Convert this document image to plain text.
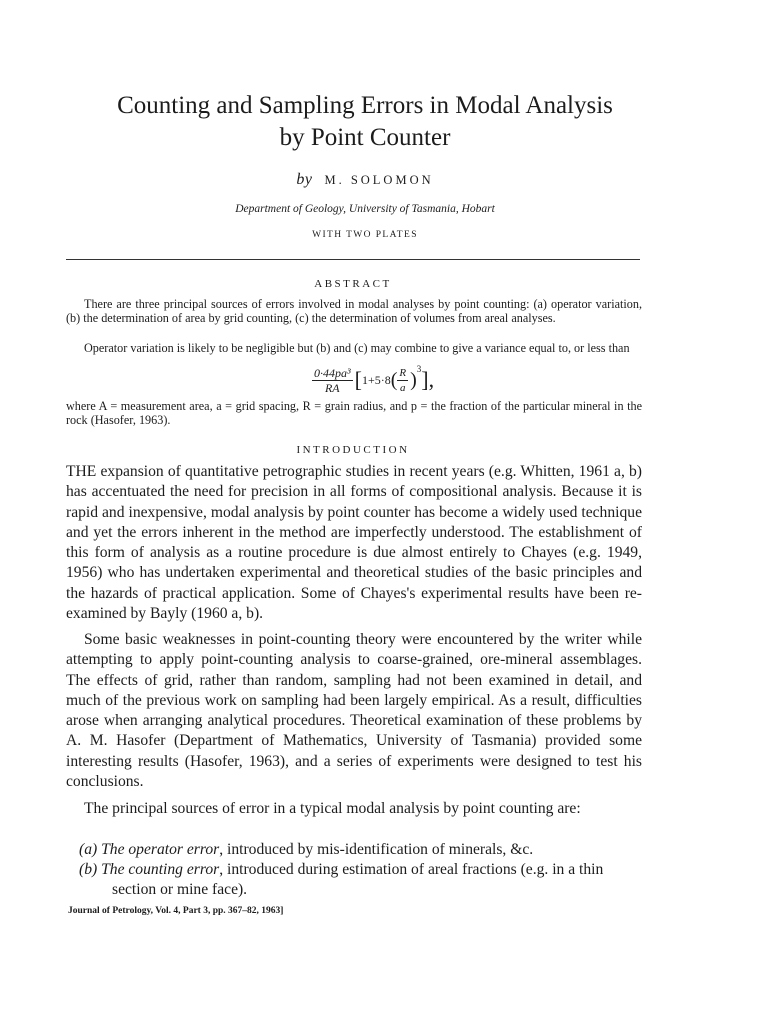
Counting and Sampling Errors in Modal Analysis
by Point Counter
by M. SOLOMON
Department of Geology, University of Tasmania, Hobart
WITH TWO PLATES
ABSTRACT

There are three principal sources of errors involved in modal analyses by point counting: (a) operator variation, (b) the determination of area by grid counting, (c) the determination of volumes from areal analyses.

Operator variation is likely to be negligible but (b) and (c) may combine to give a variance equal to, or less than

$\frac{\text{0·44pa³}}{RA}$ [ 1+5·8 ( $\frac{R}{a} )^3$ ],

where A = measurement area, a = grid spacing, R = grain radius, and p = the fraction of the particular mineral in the rock (Hasofer, 1963).

INTRODUCTION

THE expansion of quantitative petrographic studies in recent years (e.g. Whitten, 1961 a, b) has accentuated the need for precision in all forms of compositional analysis. Because it is rapid and inexpensive, modal analysis by point counter has become a widely used technique and yet the errors inherent in the method are imperfectly understood. The establishment of this form of analysis as a routine procedure is due almost entirely to Chayes (e.g. 1949, 1956) who has undertaken experimental and theoretical studies of the basic principles and the hazards of practical application. Some of Chayes's experimental results have been re-examined by Bayly (1960 a, b).

Some basic weaknesses in point-counting theory were encountered by the writer while attempting to apply point-counting analysis to coarse-grained, ore-mineral assemblages. The effects of grid, rather than random, sampling had not been examined in detail, and much of the previous work on sampling had been largely empirical. As a result, difficulties arose when arranging analytical procedures. Theoretical examination of these problems by A. M. Hasofer (Department of Mathematics, University of Tasmania) provided some interesting results (Hasofer, 1963), and a series of experiments were designed to test his conclusions.

The principal sources of error in a typical modal analysis by point counting are:

(a) The operator error, introduced by mis-identification of minerals, &c.
(b) The counting error, introduced during estimation of areal fractions (e.g. in a thin section or mine face).
Journal of Petrology, Vol. 4, Part 3, pp. 367–82, 1963]
